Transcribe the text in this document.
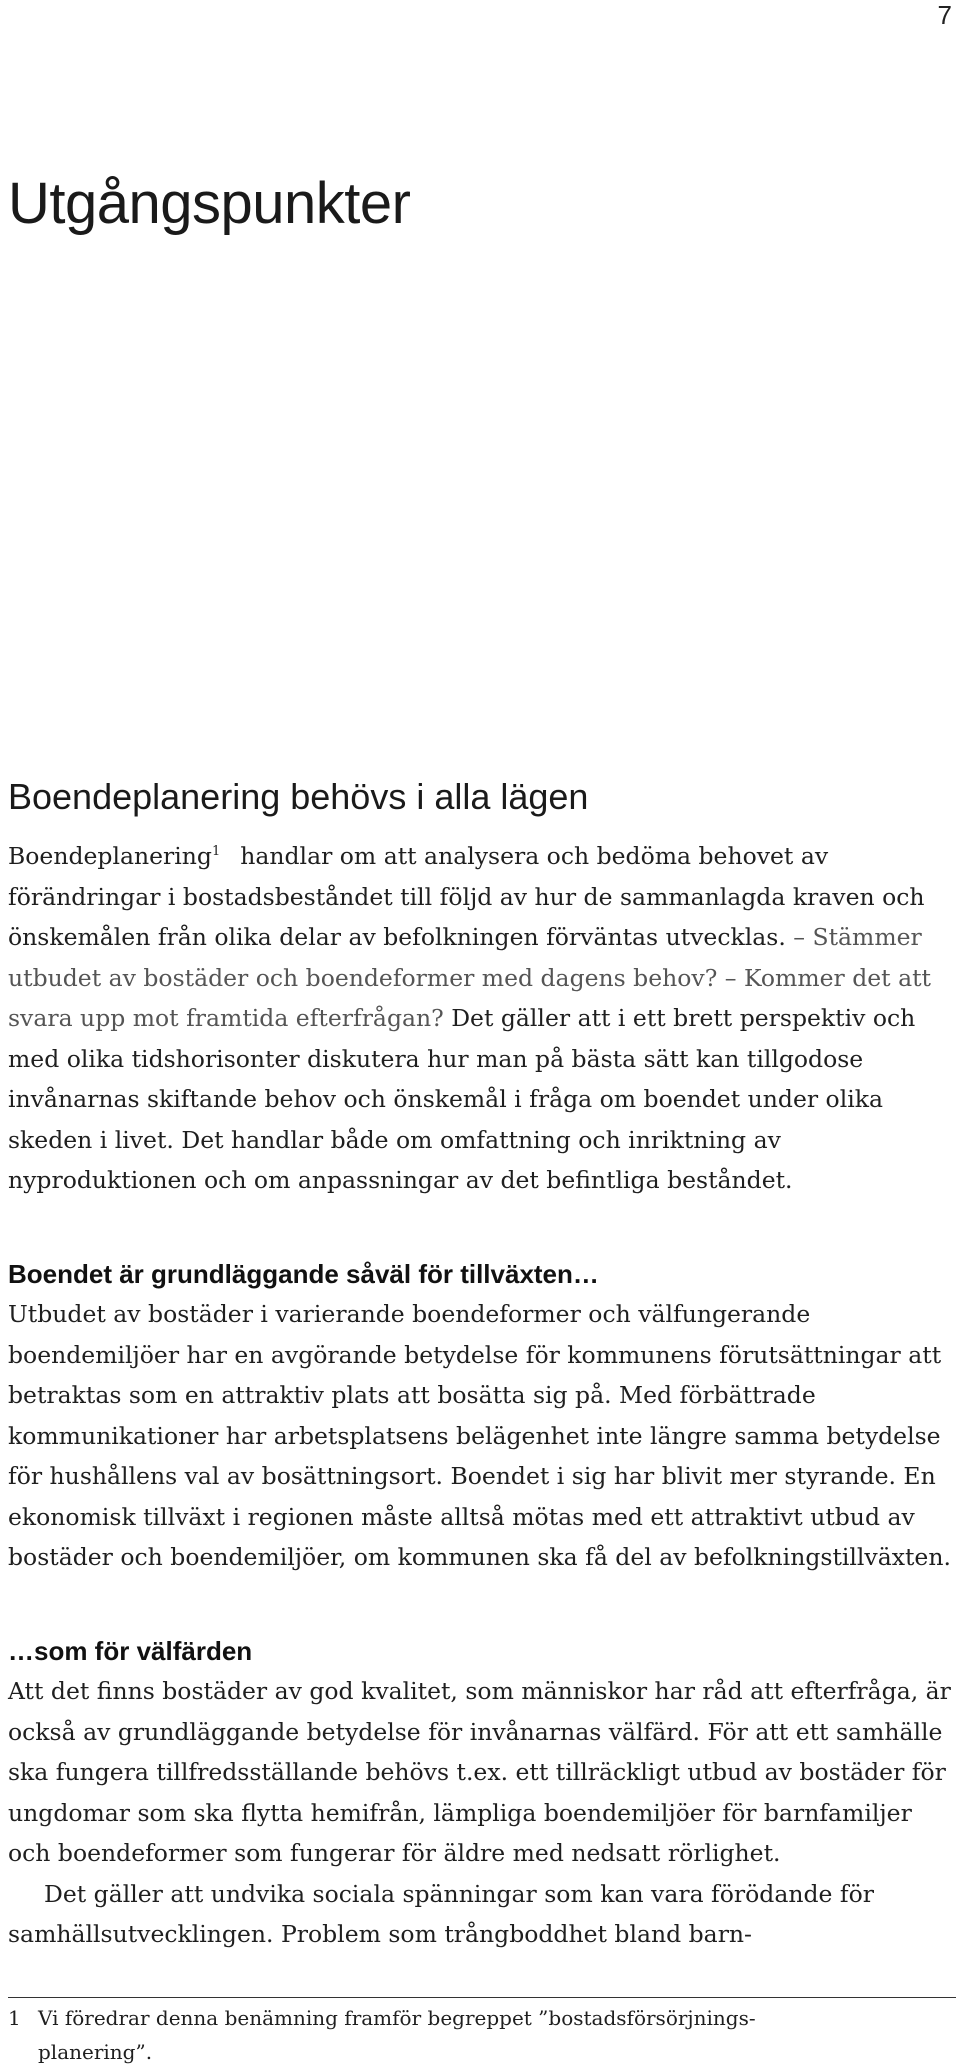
7
Utgångspunkter
Boendeplanering behövs i alla lägen

Boendeplanering$^1$ handlar om att analysera och bedöma behovet av förändringar i bostadsbeståndet till följd av hur de sammanlagda kraven och önskemålen från olika delar av befolkningen förväntas utvecklas. – Stämmer utbudet av bostäder och boendeformer med dagens behov? – Kommer det att svara upp mot framtida efterfrågan? Det gäller att i ett brett perspektiv och med olika tidshorisonter diskutera hur man på bästa sätt kan tillgodose invånarnas skiftande behov och önskemål i fråga om boendet under olika skeden i livet. Det handlar både om omfattning och inriktning av nyproduktionen och om anpassningar av det befintliga beståndet.

Boendet är grundläggande såväl för tillväxten…

Utbudet av bostäder i varierande boendeformer och välfungerande boendemiljöer har en avgörande betydelse för kommunens förutsättningar att betraktas som en attraktiv plats att bosätta sig på. Med förbättrade kommunikationer har arbetsplatsens belägenhet inte längre samma betydelse för hushållens val av bosättningsort. Boendet i sig har blivit mer styrande. En ekonomisk tillväxt i regionen måste alltså mötas med ett attraktivt utbud av bostäder och boendemiljöer, om kommunen ska få del av befolkningstillväxten.

…som för välfärden

Att det finns bostäder av god kvalitet, som människor har råd att efterfråga, är också av grundläggande betydelse för invånarnas välfärd. För att ett samhälle ska fungera tillfredsställande behövs t.ex. ett tillräckligt utbud av bostäder för ungdomar som ska flytta hemifrån, lämpliga boendemiljöer för barnfamiljer och boendeformer som fungerar för äldre med nedsatt rörlighet.

Det gäller att undvika sociala spänningar som kan vara förödande för samhällsutvecklingen. Problem som trångboddhet bland barn-

1 Vi föredrar denna benämning framför begreppet ”bostadsförsörjnings-
planering”.
